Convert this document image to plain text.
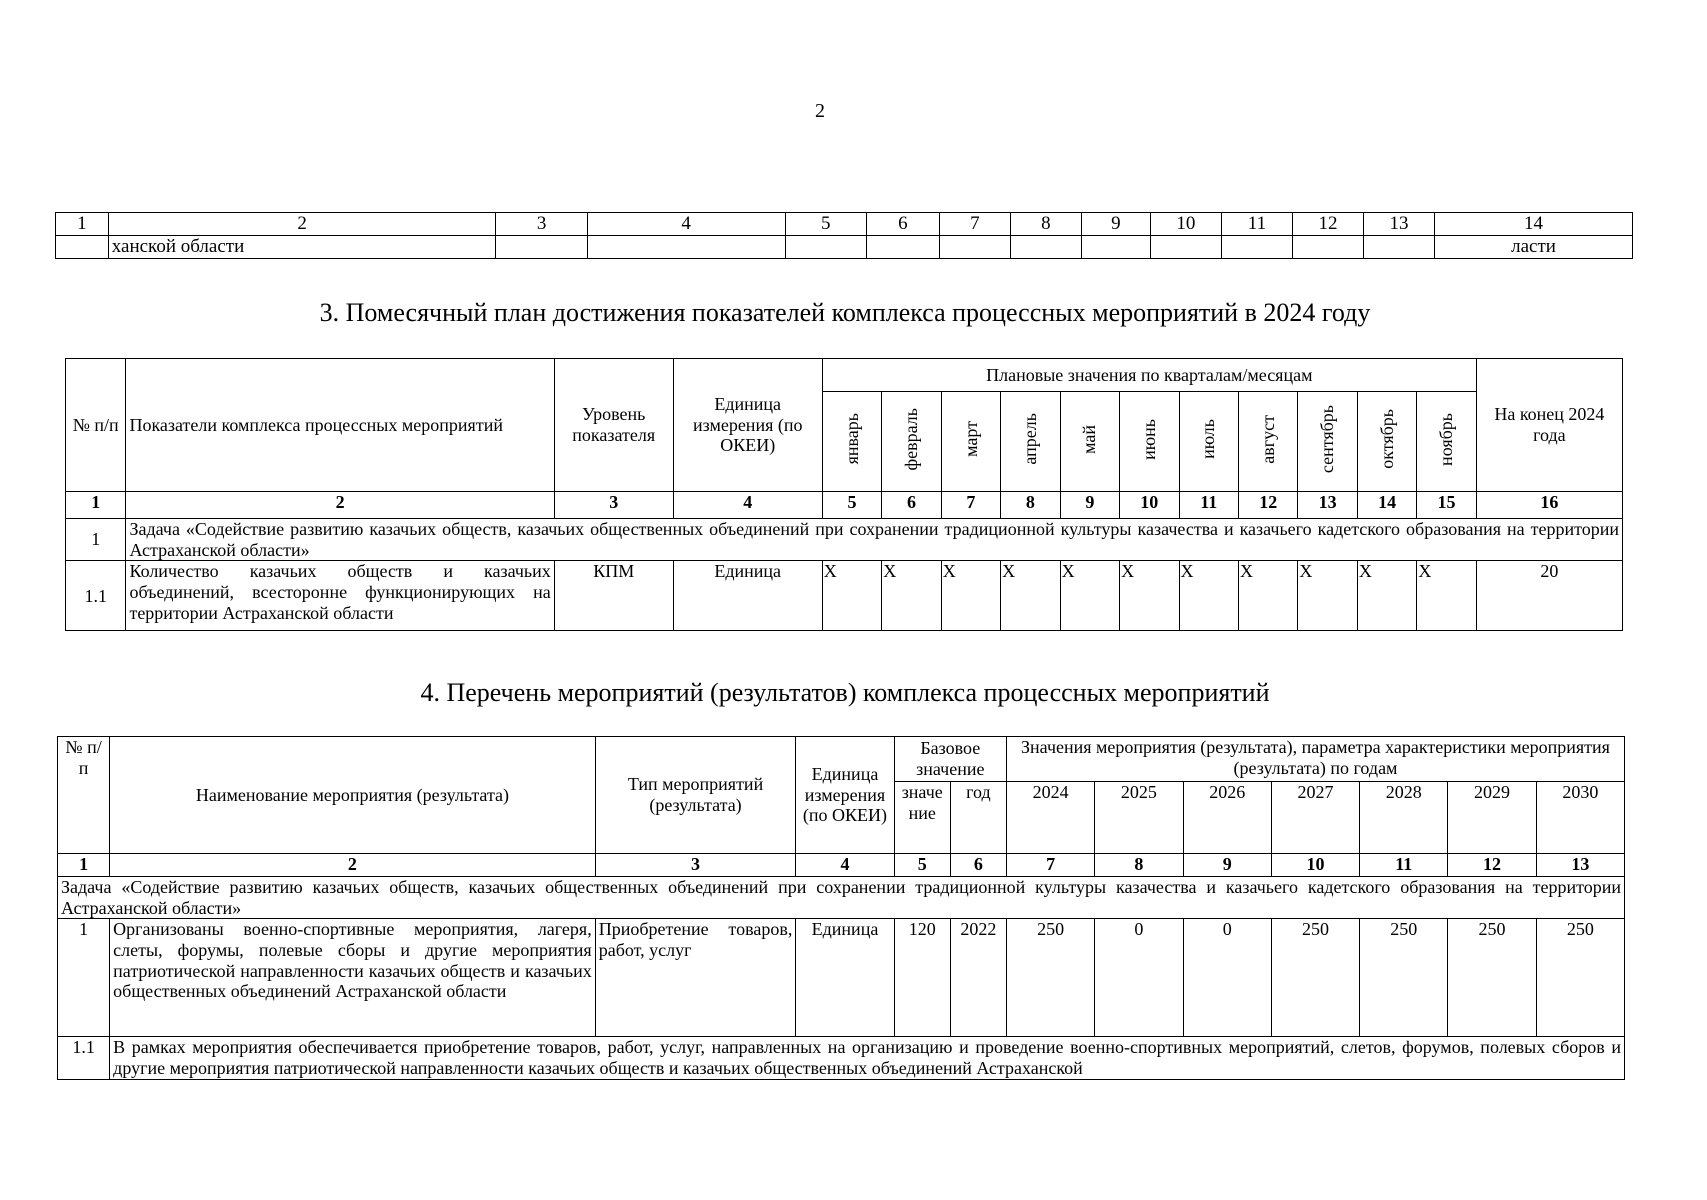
2
1	2	3	4	5	6	7	8	9	10	11	12	13	14
	ханской области												ласти
3. Помесячный план достижения показателей комплекса процессных мероприятий в 2024 году
№ п/п	Показатели комплекса процессных мероприятий	Уровень показателя	Единица измерения (по ОКЕИ)	Плановые значения по кварталам/месяцам											На конец 2024 года
				январь	февраль	март	апрель	май	июнь	июль	август	сентябрь	октябрь	ноябрь	
1	2	3	4	5	6	7	8	9	10	11	12	13	14	15	16
1	Задача «Содействие развитию казачьих обществ, казачьих общественных объединений при сохранении традиционной культуры казачества и казачьего кадетского образования на территории Астраханской области»														
1.1	Количество казачьих обществ и казачьих объединений, всесторонне функционирующих на территории Астраханской области	КПМ	Единица	X	X	X	X	X	X	X	X	X	X	X	20
4. Перечень мероприятий (результатов) комплекса процессных мероприятий
№ п/п	Наименование мероприятия (результата)	Тип мероприятий (результата)	Единица измерения (по ОКЕИ)	Базовое значение		Значения мероприятия (результата), параметра характеристики мероприятия (результата) по годам						
						2024	2025	2026	2027	2028	2029	2030
				значение	год							
1	2	3	4	5	6	7	8	9	10	11	12	13
Задача «Содействие развитию казачьих обществ, казачьих общественных объединений при сохранении традиционной культуры казачества и казачьего кадетского образования на территории Астраханской области»												
1	Организованы военно-спортивные мероприятия, лагеря, слеты, форумы, полевые сборы и другие мероприятия патриотической направленности казачьих обществ и казачьих общественных объединений Астраханской области	Приобретение товаров, работ, услуг	Единица	120	2022	250	0	0	250	250	250	250
1.1	В рамках мероприятия обеспечивается приобретение товаров, работ, услуг, направленных на организацию и проведение военно-спортивных мероприятий, слетов, форумов, полевых сборов и другие мероприятия патриотической направленности казачьих обществ и казачьих общественных объединений Астраханской											
